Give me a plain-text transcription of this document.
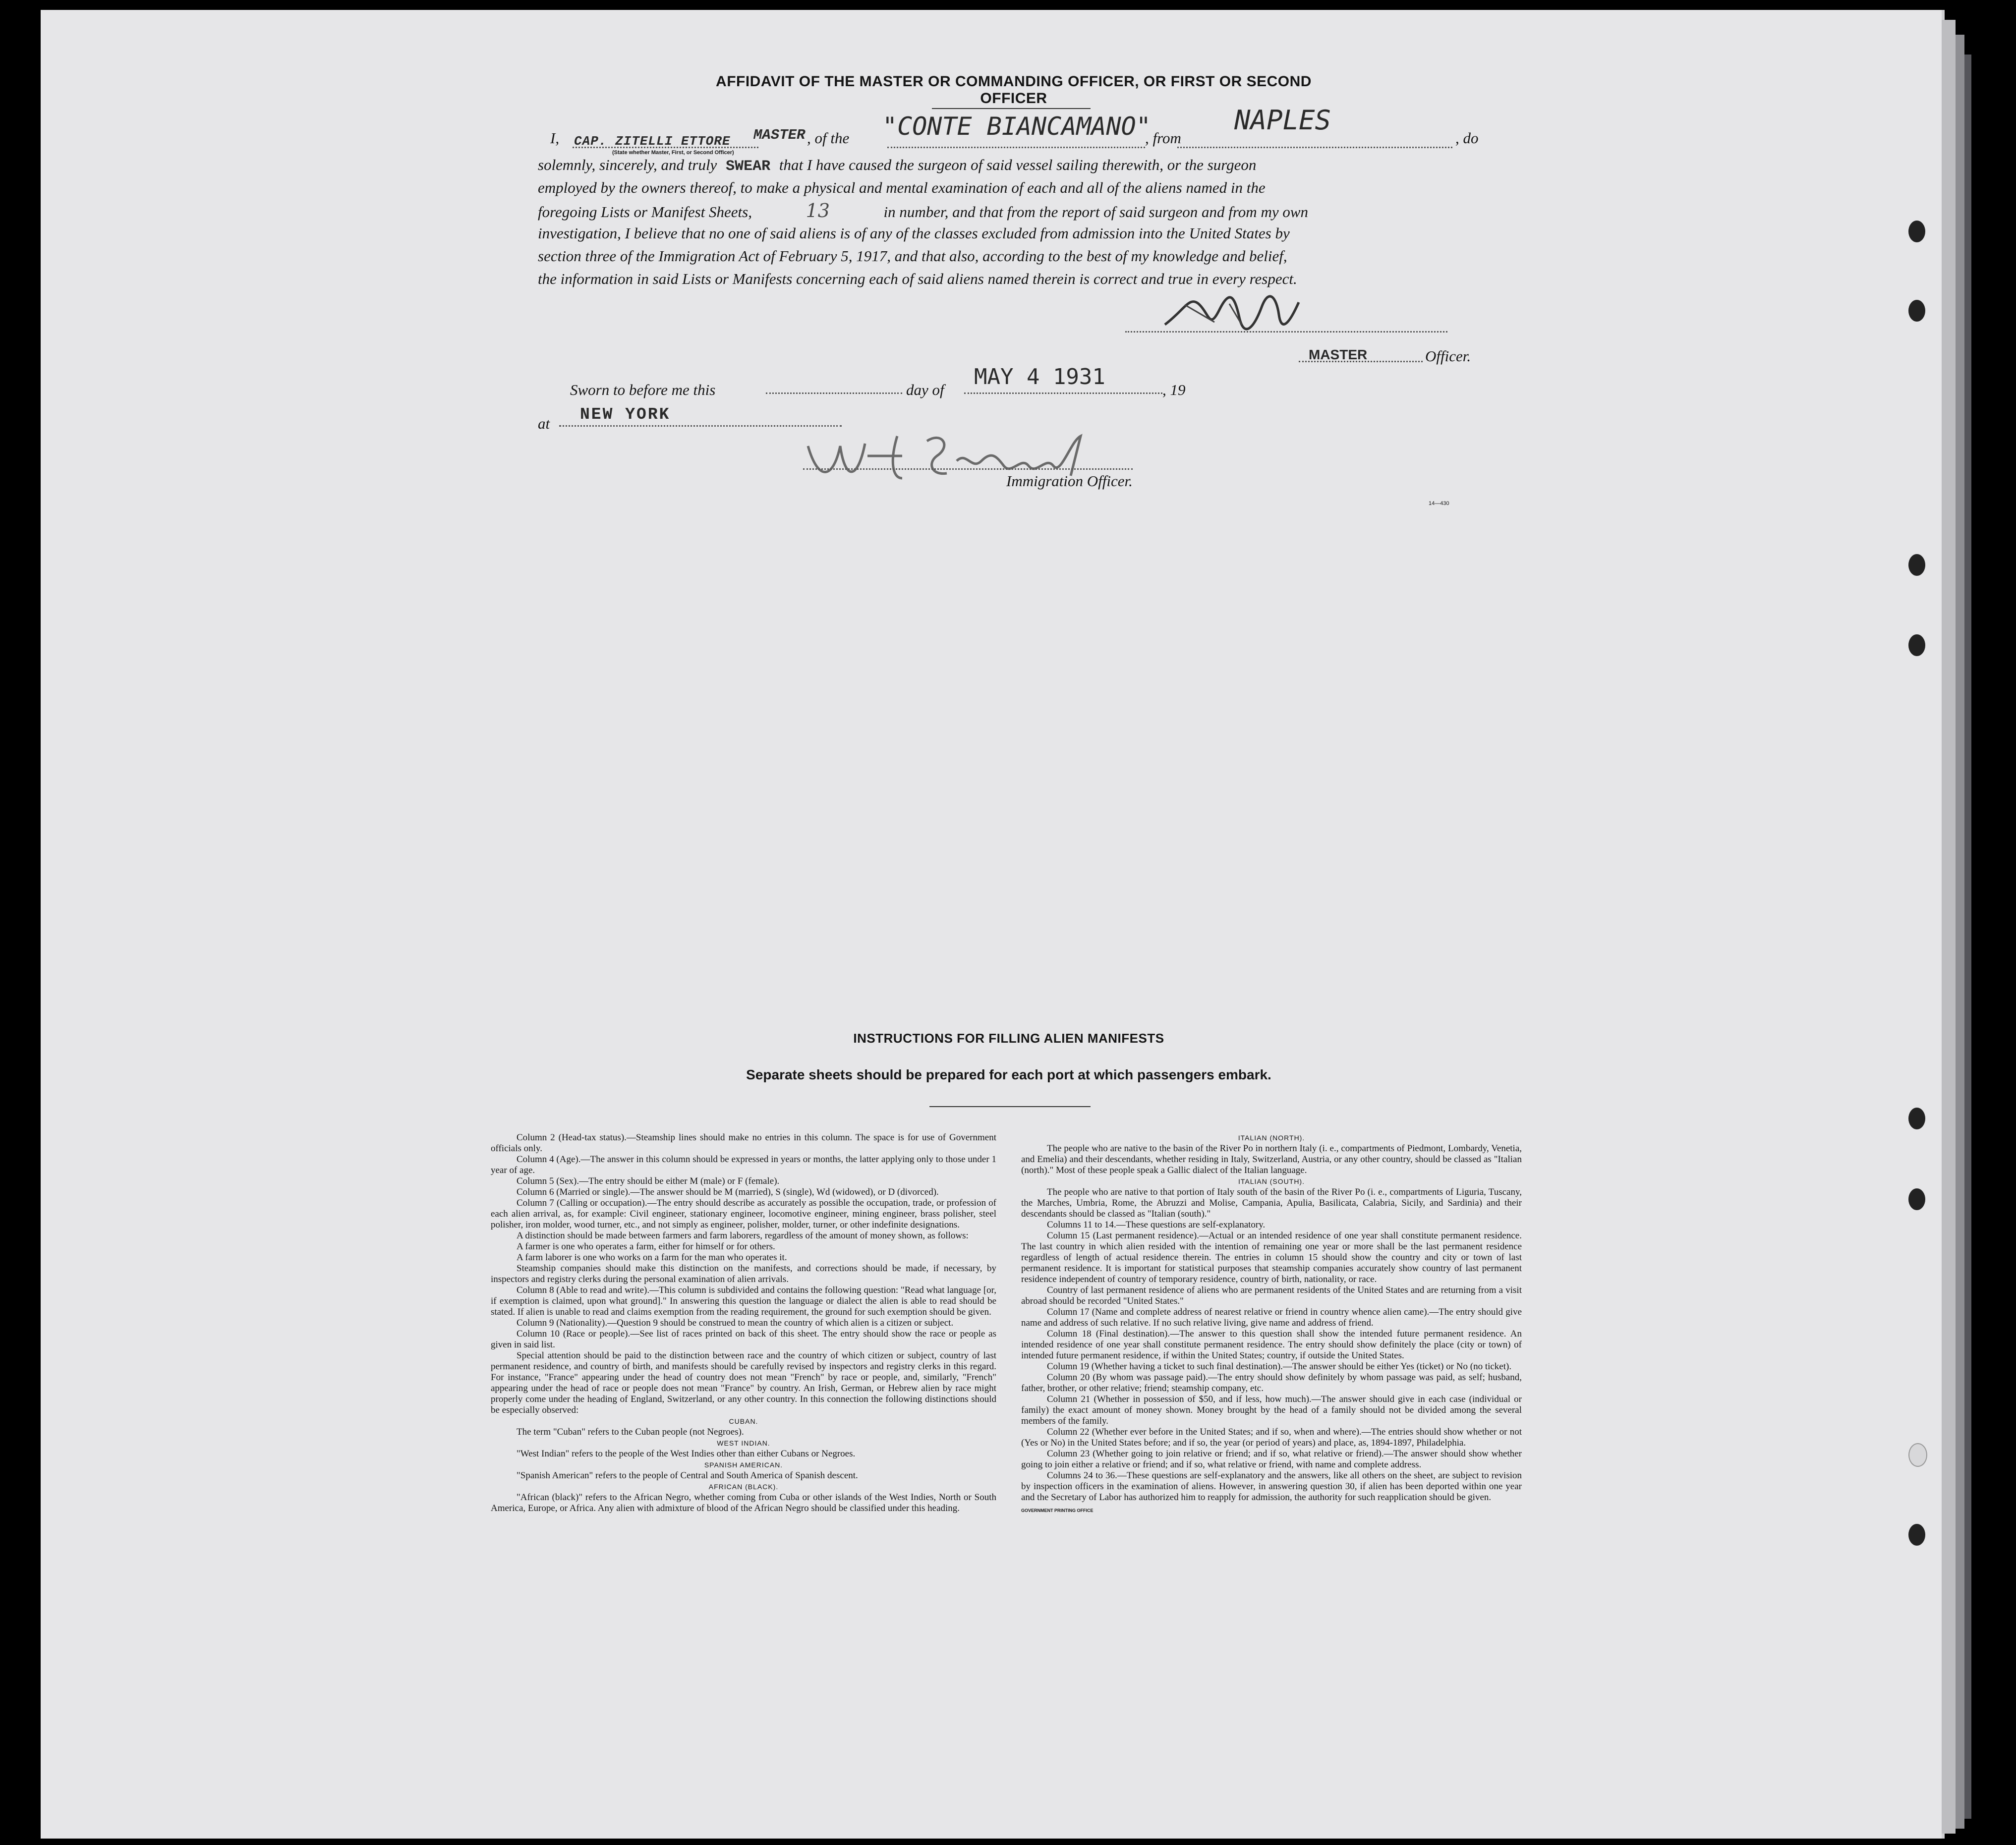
AFFIDAVIT OF THE MASTER OR COMMANDING OFFICER, OR FIRST OR SECOND OFFICER
I, CAP. ZITELLI ETTORE MASTER , of the "CONTE BIANCAMANO"
, from
NAPLES
, do
(State whether Master, First, or Second Officer)
solemnly, sincerely, and truly SWEAR that I have caused the surgeon of said vessel sailing therewith, or the surgeon
employed by the owners thereof, to make a physical and mental examination of each and all of the aliens named in the
foregoing Lists or Manifest Sheets,	13	in number, and that from the report of said surgeon and from my own
investigation, I believe that no one of said aliens is of any of the classes excluded from admission into the United States by
section three of the Immigration Act of February 5, 1917, and that also, according to the best of my knowledge and belief,
the information in said Lists or Manifests concerning each of said aliens named therein is correct and true in every respect.
MASTER	Officer.
Sworn to before me this	day of
MAY 4 1931
, 19
at NEW YORK
Immigration Officer.
14—430
INSTRUCTIONS FOR FILLING ALIEN MANIFESTS
Separate sheets should be prepared for each port at which passengers embark.

Column 2 (Head-tax status).—Steamship lines should make no entries in this column. The space is for use of Government officials only.

Column 4 (Age).—The answer in this column should be expressed in years or months, the latter applying only to those under 1 year of age.

Column 5 (Sex).—The entry should be either M (male) or F (female).

Column 6 (Married or single).—The answer should be M (married), S (single), Wd (widowed), or D (divorced).

Column 7 (Calling or occupation).—The entry should describe as accurately as possible the occupation, trade, or profession of each alien arrival, as, for example: Civil engineer, stationary engineer, locomotive engineer, mining engineer, brass polisher, steel polisher, iron molder, wood turner, etc., and not simply as engineer, polisher, molder, turner, or other indefinite designations.

A distinction should be made between farmers and farm laborers, regardless of the amount of money shown, as follows:

A farmer is one who operates a farm, either for himself or for others.

A farm laborer is one who works on a farm for the man who operates it.

Steamship companies should make this distinction on the manifests, and corrections should be made, if necessary, by inspectors and registry clerks during the personal examination of alien arrivals.

Column 8 (Able to read and write).—This column is subdivided and contains the following question: "Read what language [or, if exemption is claimed, upon what ground]." In answering this question the language or dialect the alien is able to read should be stated. If alien is unable to read and claims exemption from the reading requirement, the ground for such exemption should be given.

Column 9 (Nationality).—Question 9 should be construed to mean the country of which alien is a citizen or subject.

Column 10 (Race or people).—See list of races printed on back of this sheet. The entry should show the race or people as given in said list.

Special attention should be paid to the distinction between race and the country of which citizen or subject, country of last permanent residence, and country of birth, and manifests should be carefully revised by inspectors and registry clerks in this regard. For instance, "France" appearing under the head of country does not mean "French" by race or people, and, similarly, "French" appearing under the head of race or people does not mean "France" by country. An Irish, German, or Hebrew alien by race might properly come under the heading of England, Switzerland, or any other country. In this connection the following distinctions should be especially observed:

CUBAN.

The term "Cuban" refers to the Cuban people (not Negroes).

WEST INDIAN.

"West Indian" refers to the people of the West Indies other than either Cubans or Negroes.

SPANISH AMERICAN.

"Spanish American" refers to the people of Central and South America of Spanish descent.

AFRICAN (BLACK).

"African (black)" refers to the African Negro, whether coming from Cuba or other islands of the West Indies, North or South America, Europe, or Africa. Any alien with admixture of blood of the African Negro should be classified under this heading.

ITALIAN (NORTH).

The people who are native to the basin of the River Po in northern Italy (i. e., compartments of Piedmont, Lombardy, Venetia, and Emelia) and their descendants, whether residing in Italy, Switzerland, Austria, or any other country, should be classed as "Italian (north)." Most of these people speak a Gallic dialect of the Italian language.

ITALIAN (SOUTH).

The people who are native to that portion of Italy south of the basin of the River Po (i. e., compartments of Liguria, Tuscany, the Marches, Umbria, Rome, the Abruzzi and Molise, Campania, Apulia, Basilicata, Calabria, Sicily, and Sardinia) and their descendants should be classed as "Italian (south)."

Columns 11 to 14.—These questions are self-explanatory.

Column 15 (Last permanent residence).—Actual or an intended residence of one year shall constitute permanent residence. The last country in which alien resided with the intention of remaining one year or more shall be the last permanent residence regardless of length of actual residence therein. The entries in column 15 should show the country and city or town of last permanent residence. It is important for statistical purposes that steamship companies accurately show country of last permanent residence independent of country of temporary residence, country of birth, nationality, or race.

Country of last permanent residence of aliens who are permanent residents of the United States and are returning from a visit abroad should be recorded "United States."

Column 17 (Name and complete address of nearest relative or friend in country whence alien came).—The entry should give name and address of such relative. If no such relative living, give name and address of friend.

Column 18 (Final destination).—The answer to this question shall show the intended future permanent residence. An intended residence of one year shall constitute permanent residence. The entry should show definitely the place (city or town) of intended future permanent residence, if within the United States; country, if outside the United States.

Column 19 (Whether having a ticket to such final destination).—The answer should be either Yes (ticket) or No (no ticket).

Column 20 (By whom was passage paid).—The entry should show definitely by whom passage was paid, as self; husband, father, brother, or other relative; friend; steamship company, etc.

Column 21 (Whether in possession of $50, and if less, how much).—The answer should give in each case (individual or family) the exact amount of money shown. Money brought by the head of a family should not be divided among the several members of the family.

Column 22 (Whether ever before in the United States; and if so, when and where).—The entries should show whether or not (Yes or No) in the United States before; and if so, the year (or period of years) and place, as, 1894-1897, Philadelphia.

Column 23 (Whether going to join relative or friend; and if so, what relative or friend).—The answer should show whether going to join either a relative or friend; and if so, what relative or friend, with name and complete address.

Columns 24 to 36.—These questions are self-explanatory and the answers, like all others on the sheet, are subject to revision by inspection officers in the examination of aliens. However, in answering question 30, if alien has been deported within one year and the Secretary of Labor has authorized him to reapply for admission, the authority for such reapplication should be given.

GOVERNMENT PRINTING OFFICE
